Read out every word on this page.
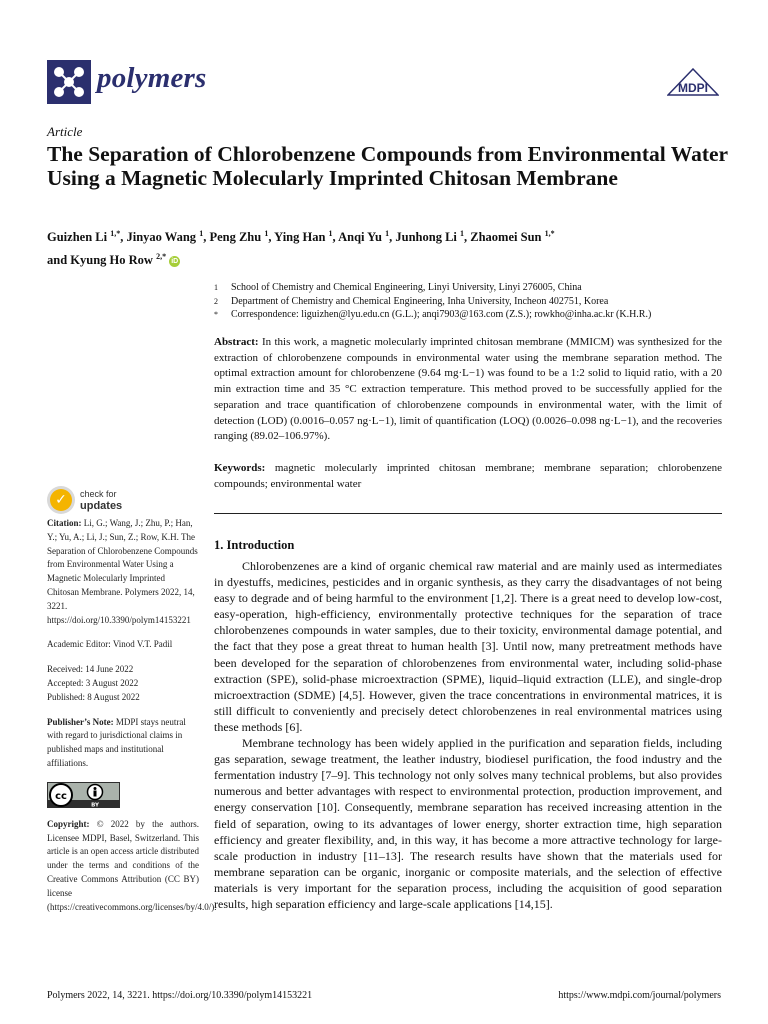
polymers	MDPI
Article
The Separation of Chlorobenzene Compounds from Environmental Water Using a Magnetic Molecularly Imprinted Chitosan Membrane
Guizhen Li $^{1,*}$, Jinyao Wang $^1$, Peng Zhu $^1$, Ying Han $^1$, Anqi Yu $^1$, Junhong Li $^1$, Zhaomei Sun $^{1,*}$
and Kyung Ho Row $^{2,*}$ iD
1	School of Chemistry and Chemical Engineering, Linyi University, Linyi 276005, China
2	Department of Chemistry and Chemical Engineering, Inha University, Incheon 402751, Korea
*	Correspondence: liguizhen@lyu.edu.cn (G.L.); anqi7903@163.com (Z.S.); rowkho@inha.ac.kr (K.H.R.)

Abstract: In this work, a magnetic molecularly imprinted chitosan membrane (MMICM) was synthesized for the extraction of chlorobenzene compounds in environmental water using the membrane separation method. The optimal extraction amount for chlorobenzene (9.64 mg·L−1) was found to be a 1:2 solid to liquid ratio, with a 20 min extraction time and 35 °C extraction temperature. This method proved to be successfully applied for the separation and trace quantification of chlorobenzene compounds in environmental water, with the limit of detection (LOD) (0.0016–0.057 ng·L−1), limit of quantification (LOQ) (0.0026–0.098 ng·L−1), and the recoveries ranging (89.02–106.97%).

Keywords: magnetic molecularly imprinted chitosan membrane; membrane separation; chlorobenzene compounds; environmental water

1. Introduction

Chlorobenzenes are a kind of organic chemical raw material and are mainly used as intermediates in dyestuffs, medicines, pesticides and in organic synthesis, as they carry the disadvantages of not being easy to degrade and of being harmful to the environment [1,2]. There is a great need to develop low-cost, easy-operation, high-efficiency, environmentally protective techniques for the separation of trace chlorobenzenes compounds in water samples, due to their toxicity, environmental damage potential, and the fact that they pose a great threat to human health [3]. Until now, many pretreatment methods have been developed for the separation of chlorobenzenes from environmental water, including solid-phase extraction (SPE), solid-phase microextraction (SPME), liquid–liquid extraction (LLE), and single-drop microextraction (SDME) [4,5]. However, given the trace concentrations in environmental matrices, it is still difficult to conveniently and precisely detect chlorobenzenes in real environmental matrices using these methods [6].

Membrane technology has been widely applied in the purification and separation fields, including gas separation, sewage treatment, the leather industry, biodiesel purification, the food industry and the fermentation industry [7–9]. This technology not only solves many technical problems, but also provides numerous and better advantages with respect to environmental protection, production improvement, and energy conservation [10]. Consequently, membrane separation has received increasing attention in the field of separation, owing to its advantages of lower energy, shorter extraction time, high separation efficiency and greater flexibility, and, in this way, it has become a more attractive technology for large-scale production in industry [11–13]. The research results have shown that the materials used for membrane separation can be organic, inorganic or composite materials, and the selection of effective materials is very important for the separation process, including the acquisition of good separation results, high separation efficiency and large-scale applications [14,15].

✓	check for
updates
Citation: Li, G.; Wang, J.; Zhu, P.; Han, Y.; Yu, A.; Li, J.; Sun, Z.; Row, K.H. The Separation of Chlorobenzene Compounds from Environmental Water Using a Magnetic Molecularly Imprinted Chitosan Membrane. Polymers 2022, 14, 3221. https://doi.org/10.3390/polym14153221
Academic Editor: Vinod V.T. Padil
Received: 14 June 2022
Accepted: 3 August 2022
Published: 8 August 2022
Publisher’s Note: MDPI stays neutral with regard to jurisdictional claims in published maps and institutional affiliations.
cc
BY
Copyright: © 2022 by the authors. Licensee MDPI, Basel, Switzerland. This article is an open access article distributed under the terms and conditions of the Creative Commons Attribution (CC BY) license (https://creativecommons.org/licenses/by/4.0/).
Polymers 2022, 14, 3221. https://doi.org/10.3390/polym14153221	https://www.mdpi.com/journal/polymers
